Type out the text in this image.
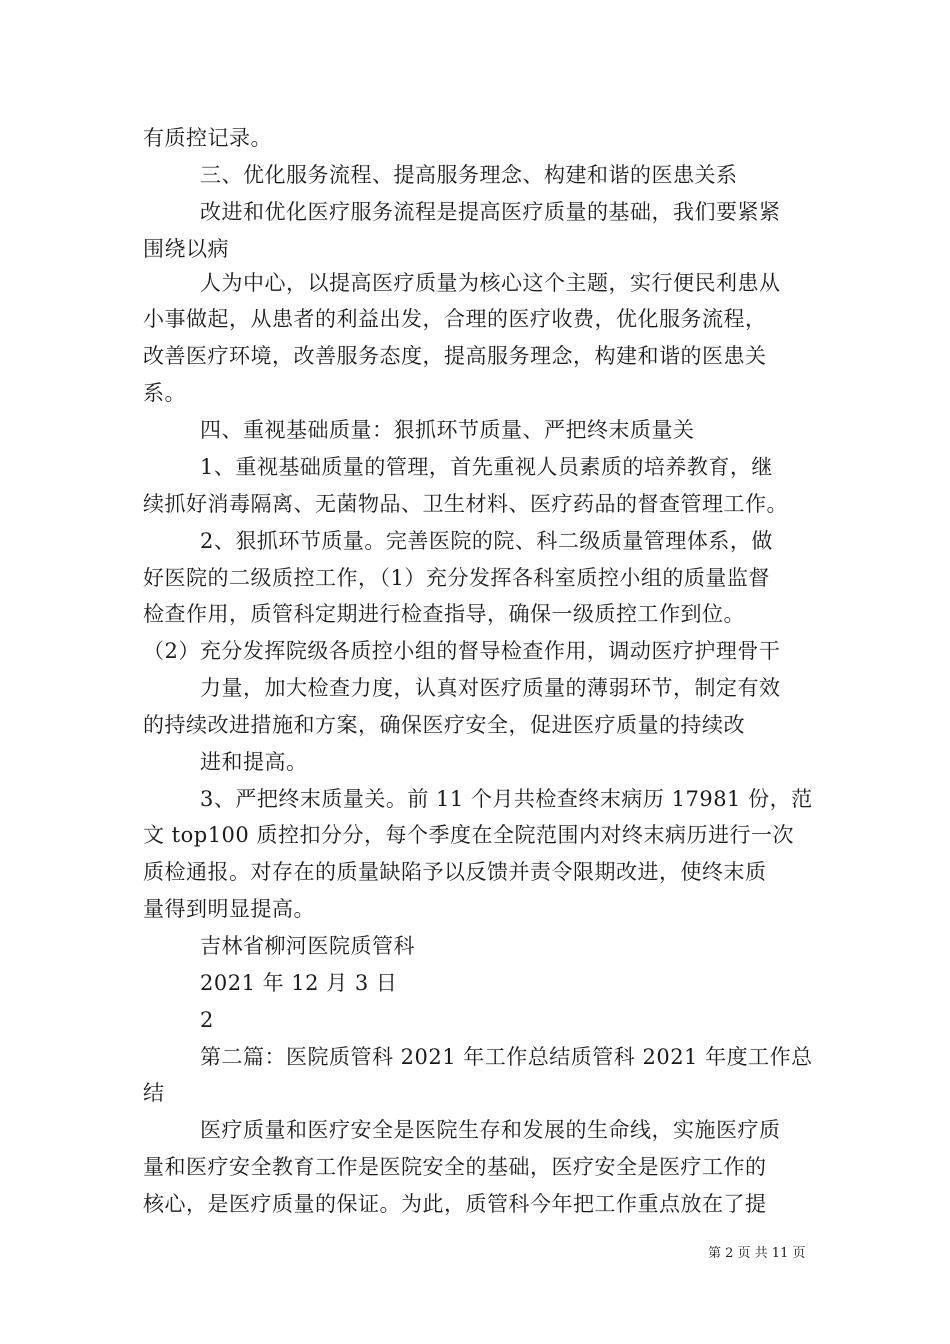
有质控记录。
三、优化服务流程、提高服务理念、构建和谐的医患关系
改进和优化医疗服务流程是提高医疗质量的基础，我们要紧紧
围绕以病
人为中心，以提高医疗质量为核心这个主题，实行便民利患从
小事做起，从患者的利益出发，合理的医疗收费，优化服务流程，
改善医疗环境，改善服务态度，提高服务理念，构建和谐的医患关
系。
四、重视基础质量：狠抓环节质量、严把终末质量关
1、重视基础质量的管理，首先重视人员素质的培养教育，继
续抓好消毒隔离、无菌物品、卫生材料、医疗药品的督查管理工作。
2、狠抓环节质量。完善医院的院、科二级质量管理体系，做
好医院的二级质控工作，（1）充分发挥各科室质控小组的质量监督
检查作用，质管科定期进行检查指导，确保一级质控工作到位。
（2）充分发挥院级各质控小组的督导检查作用，调动医疗护理骨干
力量，加大检查力度，认真对医疗质量的薄弱环节，制定有效
的持续改进措施和方案，确保医疗安全，促进医疗质量的持续改
进和提高。
3、严把终末质量关。前 11 个月共检查终末病历 17981 份，范
文 top100 质控扣分分，每个季度在全院范围内对终末病历进行一次
质检通报。对存在的质量缺陷予以反馈并责令限期改进，使终末质
量得到明显提高。
吉林省柳河医院质管科
2021 年 12 月 3 日
2
第二篇：医院质管科 2021 年工作总结质管科 2021 年度工作总
结
医疗质量和医疗安全是医院生存和发展的生命线，实施医疗质
量和医疗安全教育工作是医院安全的基础，医疗安全是医疗工作的
核心，是医疗质量的保证。为此，质管科今年把工作重点放在了提
第 2 页 共 11 页
